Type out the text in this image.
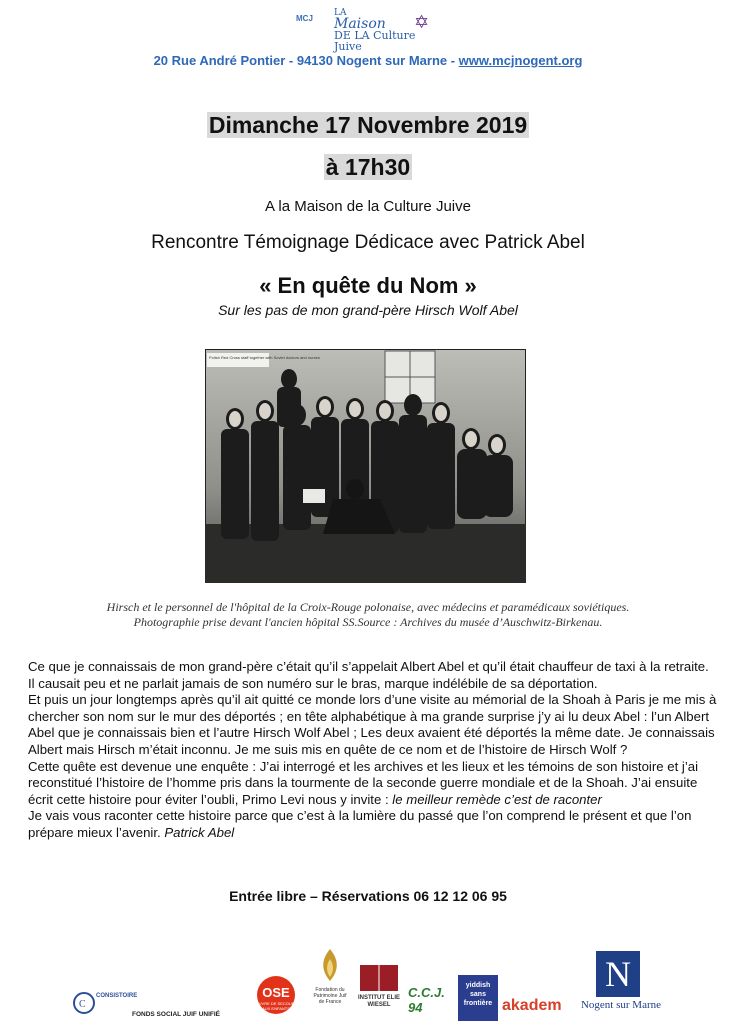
MCJ
LA
Maison
DE LA Culture Juive
✡
20 Rue André Pontier - 94130 Nogent sur Marne - www.mcjnogent.org
Dimanche 17 Novembre 2019
à 17h30
A la Maison de la Culture Juive
Rencontre Témoignage Dédicace avec Patrick Abel
« En quête du Nom »
Sur les pas de mon grand-père Hirsch Wolf Abel
Polish Red Cross staff together with Soviet doctors and nurses
Hirsch et le personnel de l'hôpital de la Croix-Rouge polonaise, avec médecins et paramédicaux soviétiques.
Photographie prise devant l'ancien hôpital SS.Source : Archives du musée d’Auschwitz-Birkenau.

Ce que je connaissais de mon grand-père c’était qu’il s’appelait Albert Abel et qu’il était chauffeur de taxi à la retraite. Il causait peu et ne parlait jamais de son numéro sur le bras, marque indélébile de sa déportation.

Et puis un jour longtemps après qu’il ait quitté ce monde lors d’une visite au mémorial de la Shoah à Paris je me mis à chercher son nom sur le mur des déportés ; en tête alphabétique à ma grande surprise j’y ai lu deux Abel : l’un Albert Abel que je connaissais bien et l’autre Hirsch Wolf Abel ; Les deux avaient été déportés la même date. Je connaissais Albert mais Hirsch m’était inconnu. Je me suis mis en quête de ce nom et de l’histoire de Hirsch Wolf ?

Cette quête est devenue une enquête : J’ai interrogé et les archives et les lieux et les témoins de son histoire et j’ai reconstitué l’histoire de l’homme pris dans la tourmente de la seconde guerre mondiale et de la Shoah. J’ai ensuite écrit cette histoire pour éviter l’oubli, Primo Levi nous y invite : le meilleur remède c’est de raconter

Je vais vous raconter cette histoire parce que c’est à la lumière du passé que l’on comprend le présent et que l’on prépare mieux l’avenir. Patrick Abel

Entrée libre – Réservations 06 12 12 06 95
C
CONSISTOIRE
FONDS SOCIAL JUIF UNIFIÉ
OSE
ŒUVRE DE SECOURS AUX ENFANTS
Fondation du Patrimoine Juif de France
INSTITUT ELIE WIESEL
C.C.J. 94
yiddish sans frontière akadem
N
Nogent sur Marne
